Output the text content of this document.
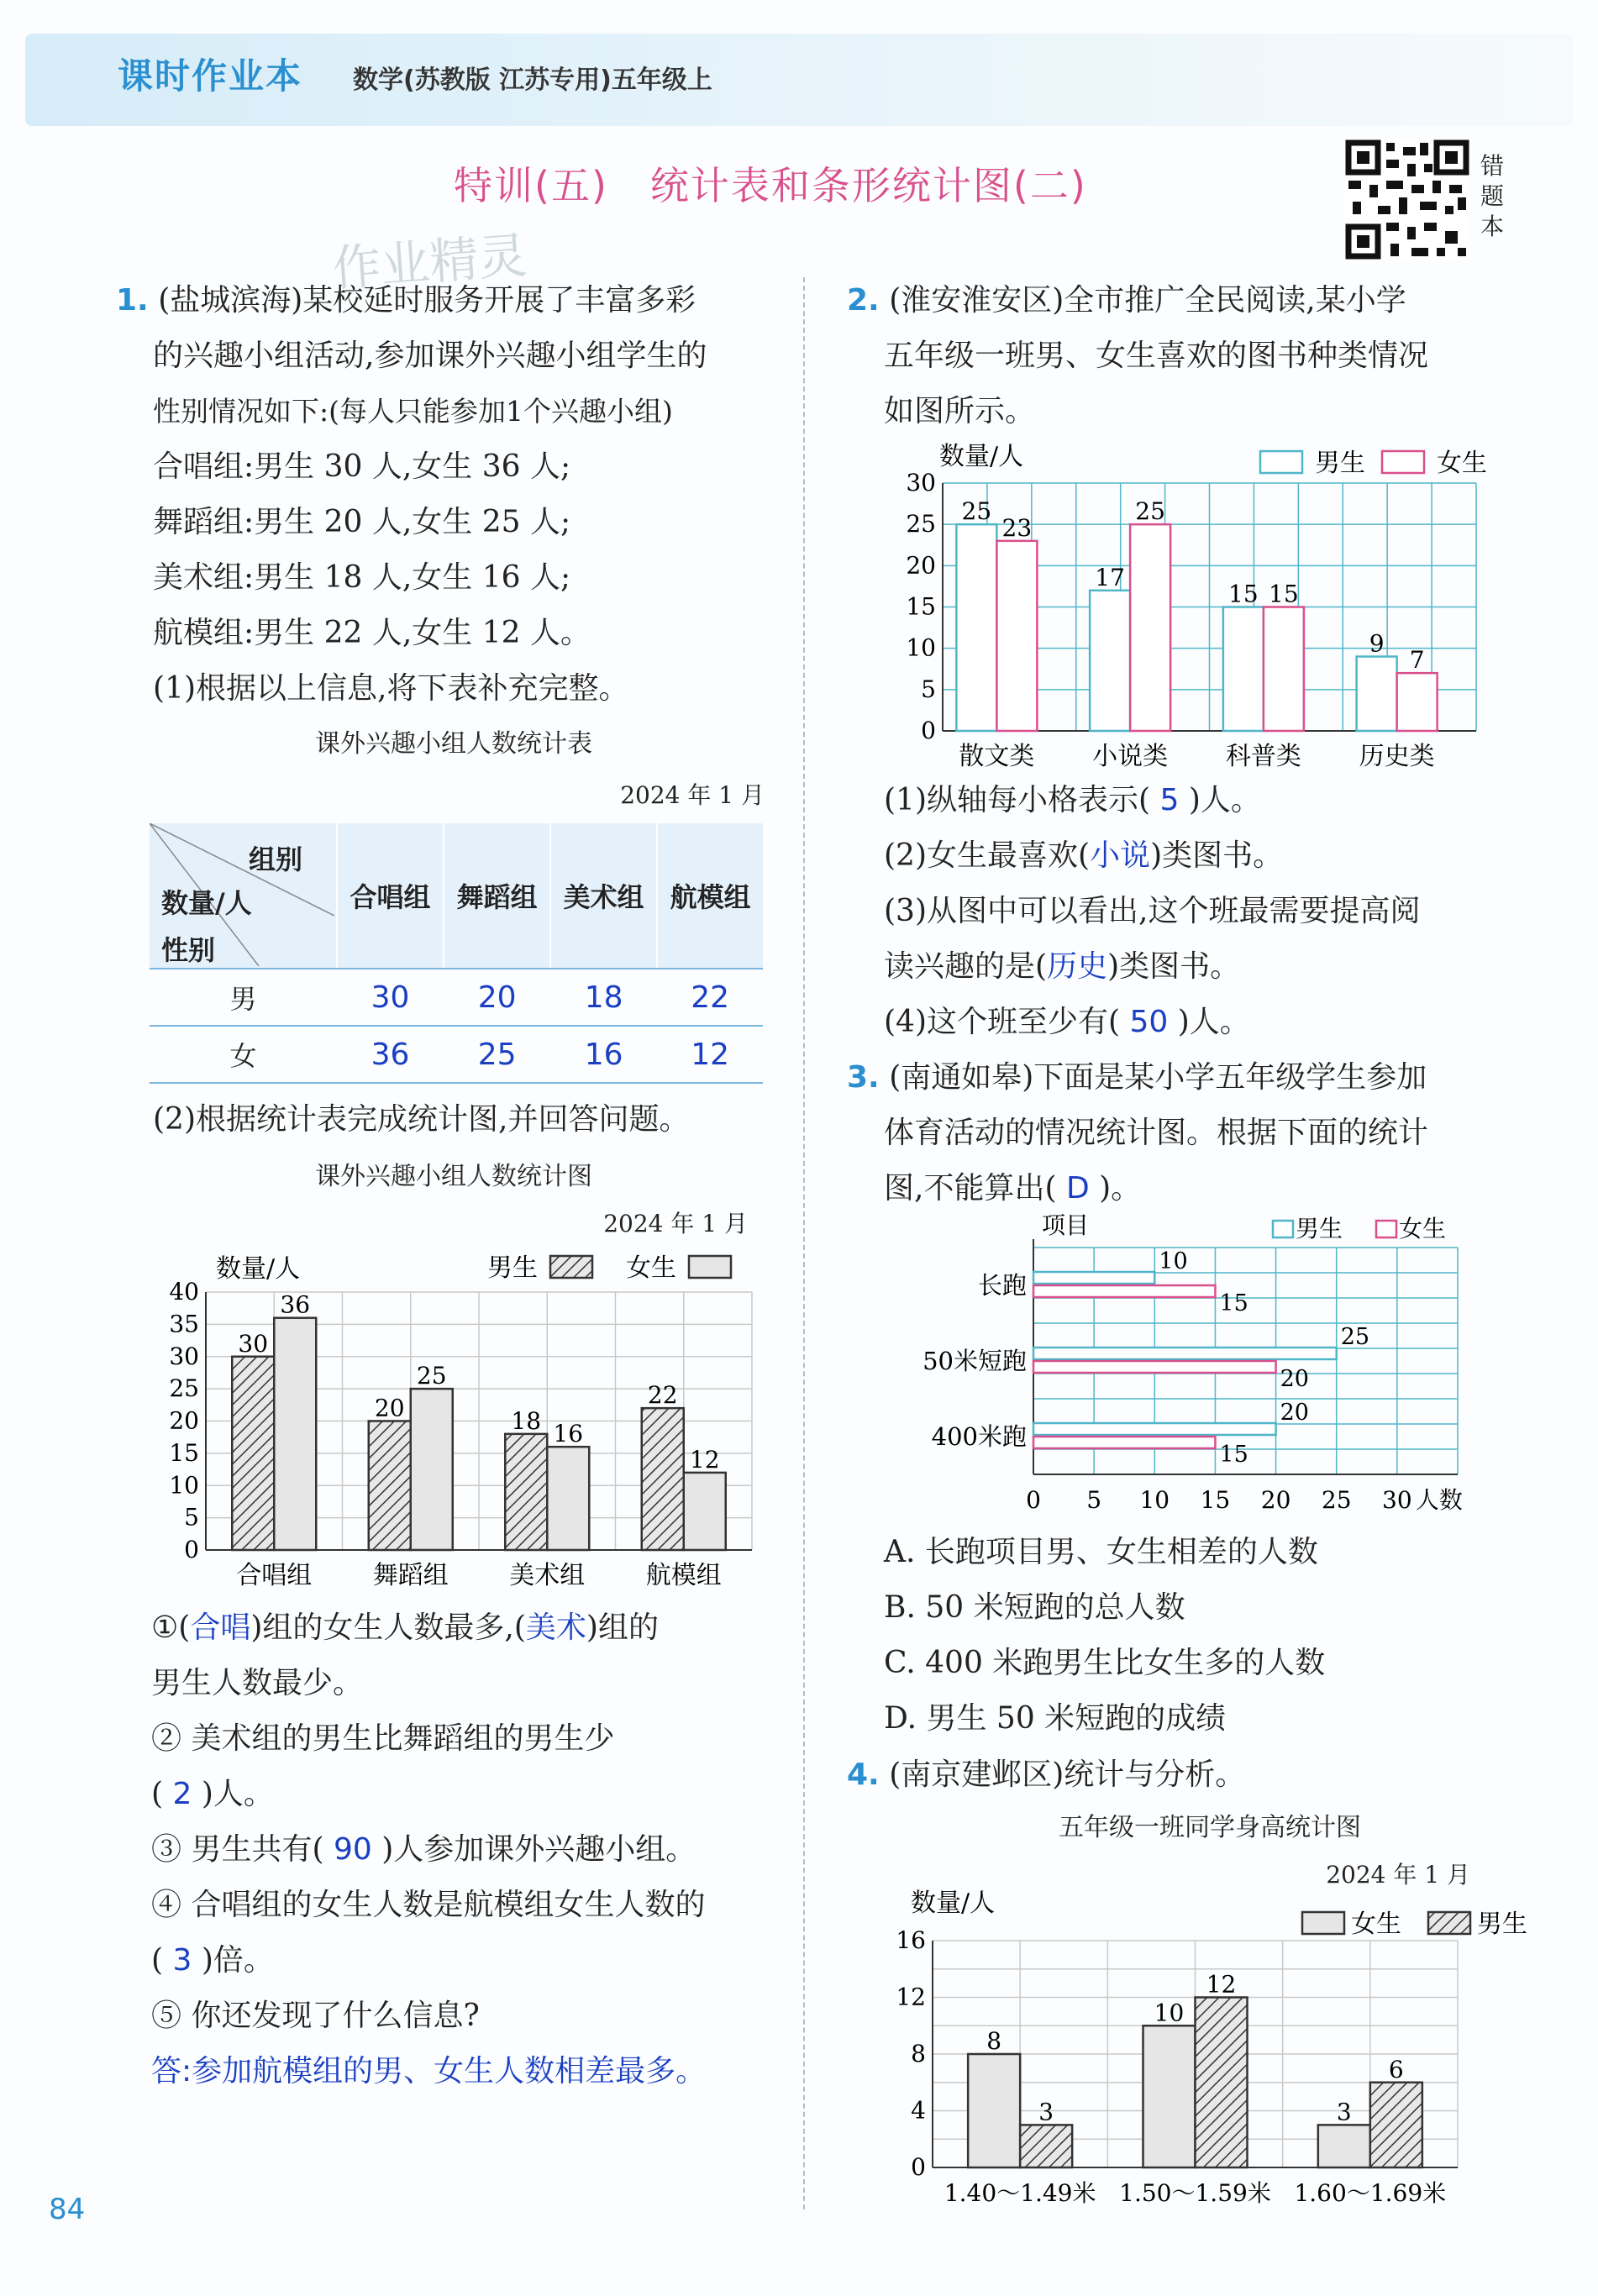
课时作业本 数学(苏教版 江苏专用)五年级上
特训(五) 统计表和条形统计图(二)	错题本
作业精灵
1. (盐城滨海)某校延时服务开展了丰富多彩
的兴趣小组活动,参加课外兴趣小组学生的
性别情况如下:(每人只能参加1个兴趣小组)
合唱组:男生 30 人,女生 36 人;
舞蹈组:男生 20 人,女生 25 人;
美术组:男生 18 人,女生 16 人;
航模组:男生 22 人,女生 12 人。
(1)根据以上信息,将下表补充完整。
课外兴趣小组人数统计表
2024 年 1 月
组别
数量/人
性别	合唱组	舞蹈组	美术组	航模组
男	30	20	18	22
女	36	25	16	12
(2)根据统计表完成统计图,并回答问题。
课外兴趣小组人数统计图
2024 年 1 月
0
5
10
15
20
25
30
35
40
30
36
合唱组
20
25
舞蹈组
18 16
美术组
22
12
航模组
数量/人	男生	女生
①(合唱)组的女生人数最多,(美术)组的
男生人数最少。
② 美术组的男生比舞蹈组的男生少
( 2 )人。
③ 男生共有( 90 )人参加课外兴趣小组。
④ 合唱组的女生人数是航模组女生人数的
( 3 )倍。
⑤ 你还发现了什么信息?
答:参加航模组的男、女生人数相差最多。
2. (淮安淮安区)全市推广全民阅读,某小学
五年级一班男、女生喜欢的图书种类情况
如图所示。
0
5
10
15
20
25
30
25
23
散文类
17
25
小说类
15 15
科普类
9
7
历史类
数量/人	男生	女生
(1)纵轴每小格表示( 5 )人。
(2)女生最喜欢(小说)类图书。
(3)从图中可以看出,这个班最需要提高阅
读兴趣的是(历史)类图书。
(4)这个班至少有( 50 )人。
3. (南通如皋)下面是某小学五年级学生参加
体育活动的情况统计图。根据下面的统计
图,不能算出( D )。
0 5 10 15 20 25 30 人数
项目
10
15
长跑
25
20
50米短跑
20
15
400米跑
男生 女生
A. 长跑项目男、女生相差的人数
B. 50 米短跑的总人数
C. 400 米跑男生比女生多的人数
D. 男生 50 米短跑的成绩
4. (南京建邺区)统计与分析。
五年级一班同学身高统计图
2024 年 1 月
0
4
8
12
16
8
3
1.40～1.49米
10
12
1.50～1.59米
3
6
1.60～1.69米
数量/人
女生	男生
84
